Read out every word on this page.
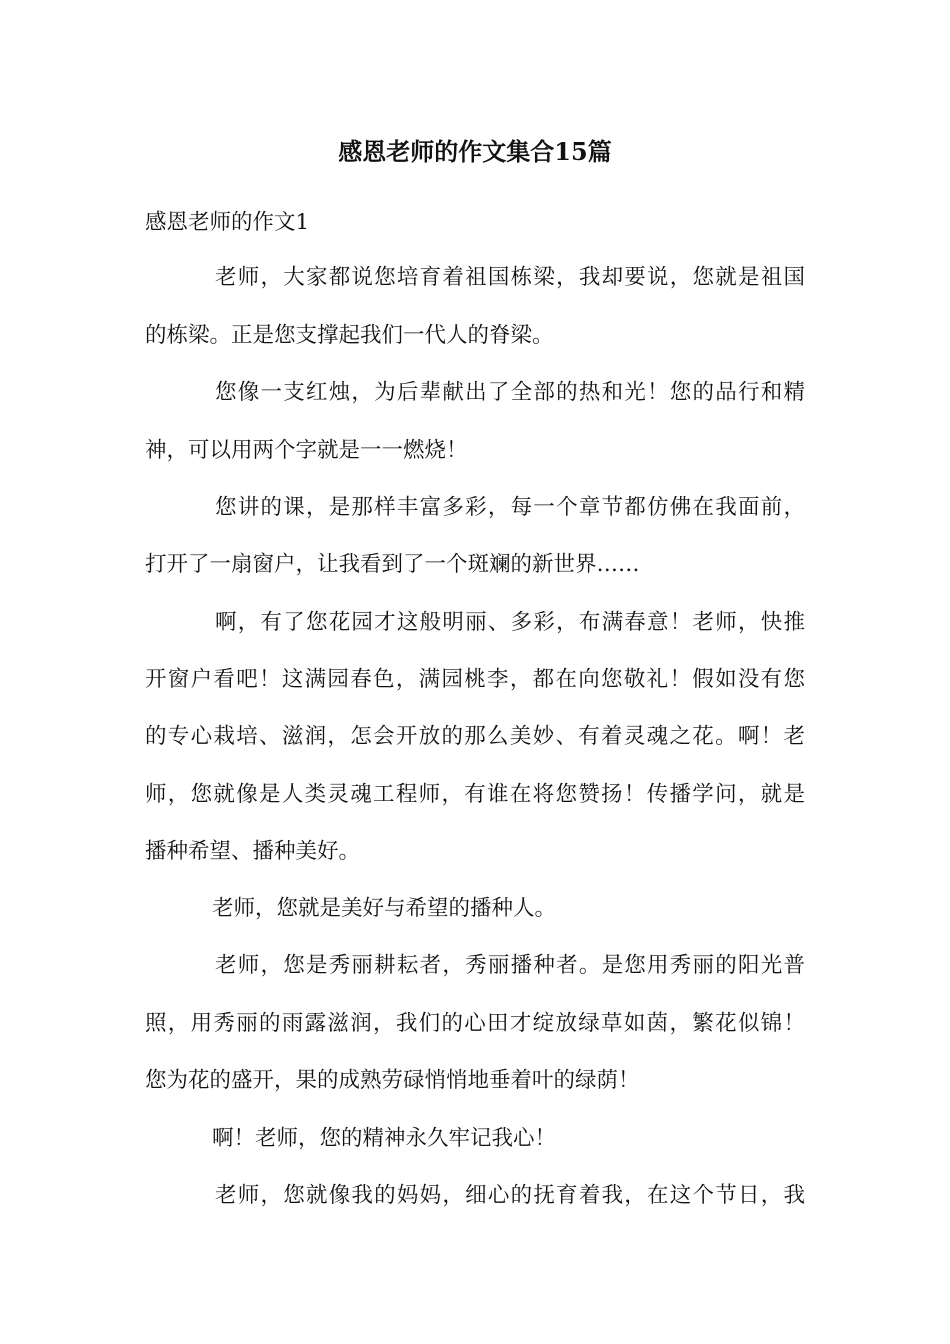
感恩老师的作文集合15篇

感恩老师的作文1

老师，大家都说您培育着祖国栋梁，我却要说，您就是祖国

的栋梁。正是您支撑起我们一代人的脊梁。

您像一支红烛，为后辈献出了全部的热和光！您的品行和精

神，可以用两个字就是一一燃烧！

您讲的课，是那样丰富多彩，每一个章节都仿佛在我面前，

打开了一扇窗户，让我看到了一个斑斓的新世界……

啊，有了您花园才这般明丽、多彩，布满春意！老师，快推

开窗户看吧！这满园春色，满园桃李，都在向您敬礼！假如没有您

的专心栽培、滋润，怎会开放的那么美妙、有着灵魂之花。啊！老

师，您就像是人类灵魂工程师，有谁在将您赞扬！传播学问，就是

播种希望、播种美好。

老师，您就是美好与希望的播种人。

老师，您是秀丽耕耘者，秀丽播种者。是您用秀丽的阳光普

照，用秀丽的雨露滋润，我们的心田才绽放绿草如茵，繁花似锦！

您为花的盛开，果的成熟劳碌悄悄地垂着叶的绿荫！

啊！老师，您的精神永久牢记我心！

老师，您就像我的妈妈，细心的抚育着我，在这个节日，我
